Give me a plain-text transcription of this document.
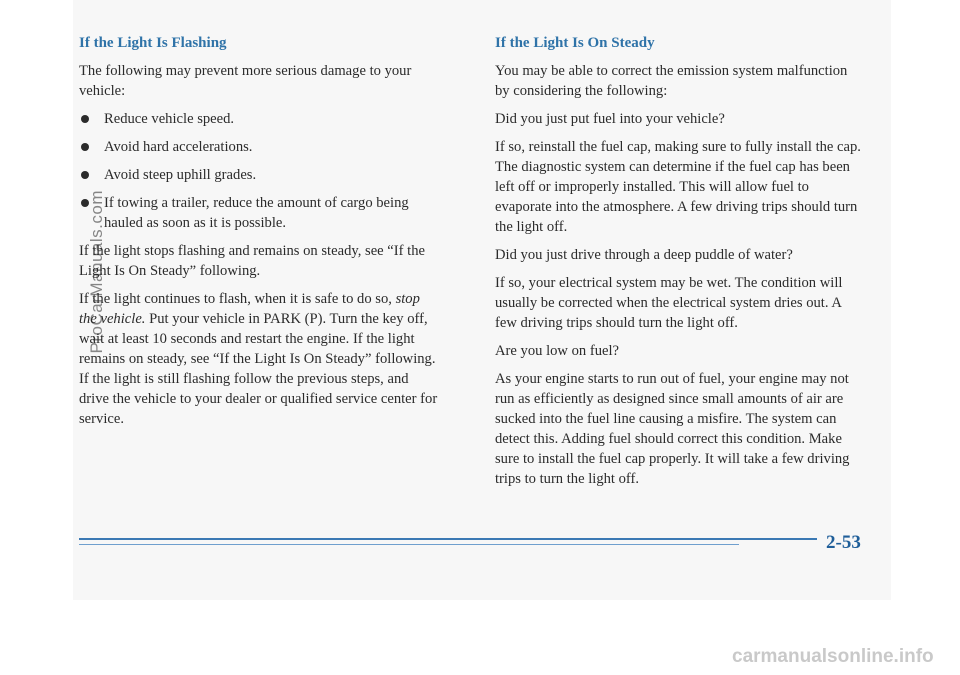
If the Light Is Flashing

The following may prevent more serious damage to your vehicle:

Reduce vehicle speed.
Avoid hard accelerations.
Avoid steep uphill grades.
If towing a trailer, reduce the amount of cargo being hauled as soon as it is possible.

If the light stops flashing and remains on steady, see “If the Light Is On Steady” following.

If the light continues to flash, when it is safe to do so, stop the vehicle. Put your vehicle in PARK (P). Turn the key off, wait at least 10 seconds and restart the engine. If the light remains on steady, see “If the Light Is On Steady” following. If the light is still flashing follow the previous steps, and drive the vehicle to your dealer or qualified service center for service.

If the Light Is On Steady

You may be able to correct the emission system malfunction by considering the following:

Did you just put fuel into your vehicle?

If so, reinstall the fuel cap, making sure to fully install the cap. The diagnostic system can determine if the fuel cap has been left off or improperly installed. This will allow fuel to evaporate into the atmosphere. A few driving trips should turn the light off.

Did you just drive through a deep puddle of water?

If so, your electrical system may be wet. The condition will usually be corrected when the electrical system dries out. A few driving trips should turn the light off.

Are you low on fuel?

As your engine starts to run out of fuel, your engine may not run as efficiently as designed since small amounts of air are sucked into the fuel line causing a misfire. The system can detect this. Adding fuel should correct this condition. Make sure to install the fuel cap properly. It will take a few driving trips to turn the light off.

2-53
ProCarManuals.com
carmanualsonline.info
